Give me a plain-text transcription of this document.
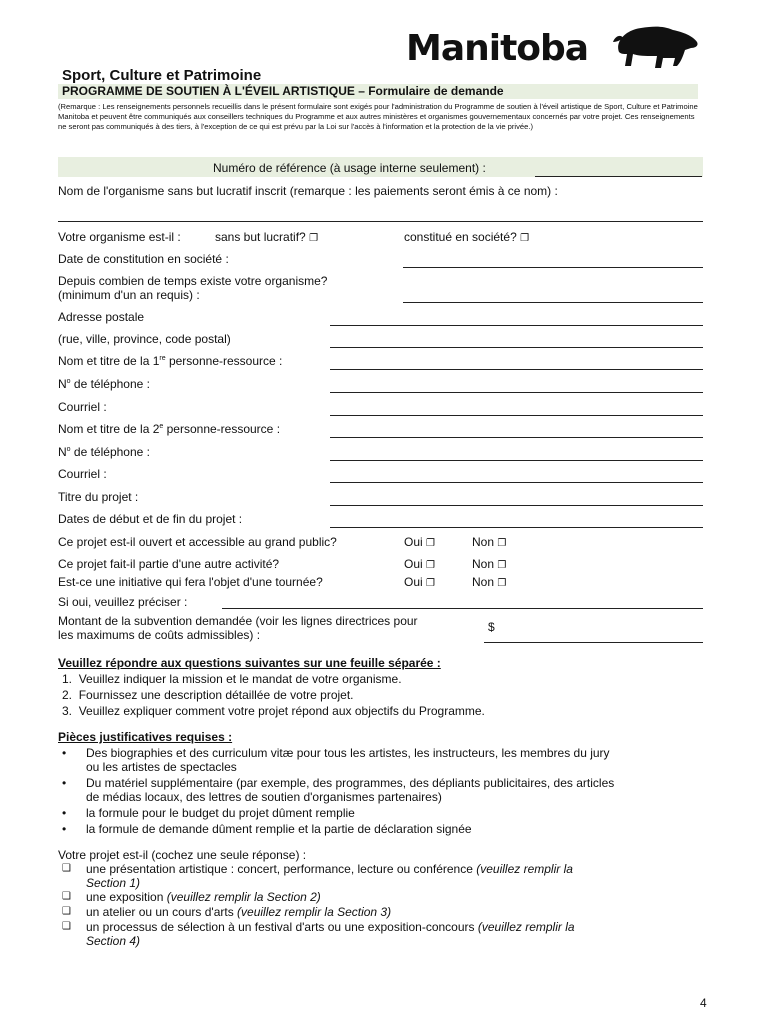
Manitoba
Sport, Culture et Patrimoine
PROGRAMME DE SOUTIEN À L'ÉVEIL ARTISTIQUE – Formulaire de demande
(Remarque : Les renseignements personnels recueillis dans le présent formulaire sont exigés pour l'administration du Programme de soutien à l'éveil artistique de Sport, Culture et Patrimoine Manitoba et peuvent être communiqués aux conseillers techniques du Programme et aux autres ministères et organismes gouvernementaux concernés par votre projet. Ces renseignements ne seront pas communiqués à des tiers, à l'exception de ce qui est prévu par la Loi sur l'accès à l'information et la protection de la vie privée.)
Numéro de référence (à usage interne seulement) :
Nom de l'organisme sans but lucratif inscrit (remarque : les paiements seront émis à ce nom) :
Votre organisme est-il :	sans but lucratif? ❐	constitué en société? ❐
Date de constitution en société :
Depuis combien de temps existe votre organisme?
(minimum d'un an requis) :
Adresse postale
(rue, ville, province, code postal)
Nom et titre de la 1re personne-ressource :
$N^o$ de téléphone :
Courriel :
Nom et titre de la 2e personne-ressource :
$N^o$ de téléphone :
Courriel :
Titre du projet :
Dates de début et de fin du projet :
Ce projet est-il ouvert et accessible au grand public?	Oui ❐	Non ❐
Ce projet fait-il partie d'une autre activité?	Oui ❐	Non ❐
Est-ce une initiative qui fera l'objet d'une tournée?	Oui ❐	Non ❐
Si oui, veuillez préciser :
Montant de la subvention demandée (voir les lignes directrices pour
les maximums de coûts admissibles) :
$
Veuillez répondre aux questions suivantes sur une feuille séparée :
1. Veuillez indiquer la mission et le mandat de votre organisme.
2. Fournissez une description détaillée de votre projet.
3. Veuillez expliquer comment votre projet répond aux objectifs du Programme.
Pièces justificatives requises :
• Des biographies et des curriculum vitæ pour tous les artistes, les instructeurs, les membres du jury
ou les artistes de spectacles
• Du matériel supplémentaire (par exemple, des programmes, des dépliants publicitaires, des articles
de médias locaux, des lettres de soutien d'organismes partenaires)
• la formule pour le budget du projet dûment remplie
• la formule de demande dûment remplie et la partie de déclaration signée
Votre projet est-il (cochez une seule réponse) :
❑ une présentation artistique : concert, performance, lecture ou conférence (veuillez remplir la
Section 1)
❑ une exposition (veuillez remplir la Section 2)
❑ un atelier ou un cours d'arts (veuillez remplir la Section 3)
❑ un processus de sélection à un festival d'arts ou une exposition-concours (veuillez remplir la
Section 4)
4
